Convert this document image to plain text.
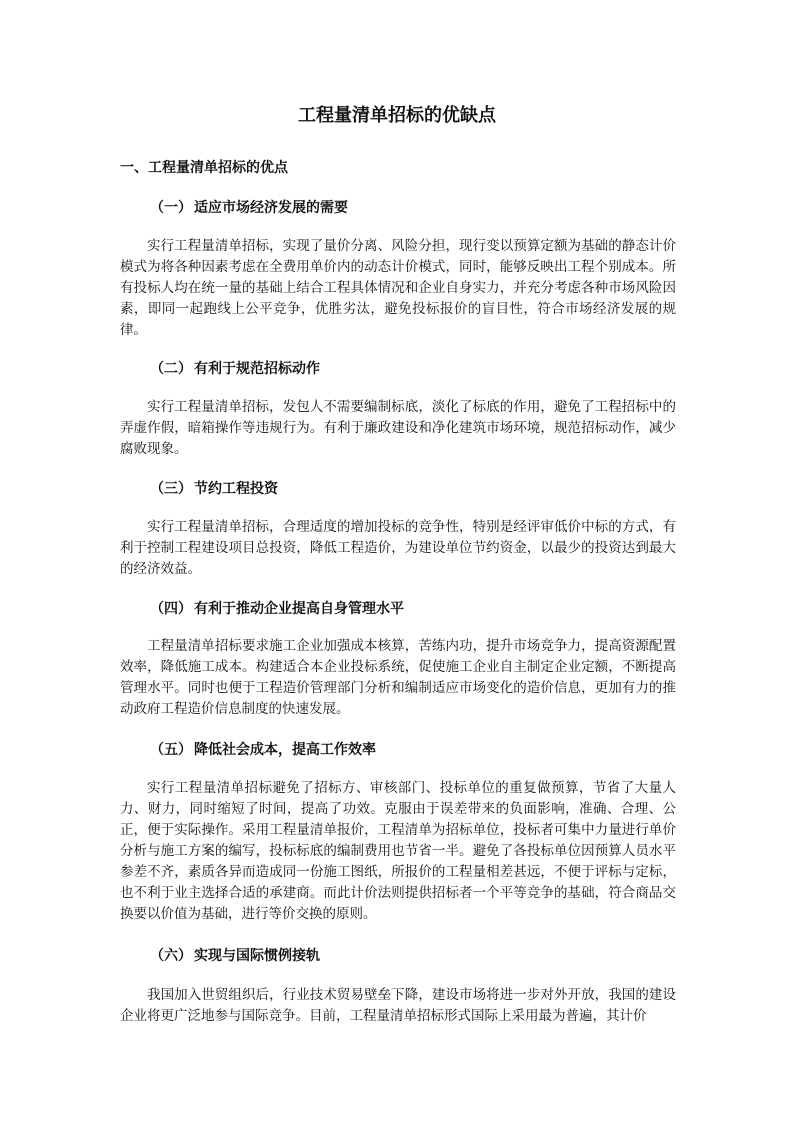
工程量清单招标的优缺点
一、工程量清单招标的优点
（一） 适应市场经济发展的需要

实行工程量清单招标，实现了量价分离、风险分担，现行变以预算定额为基础的静态计价模式为将各种因素考虑在全费用单价内的动态计价模式，同时，能够反映出工程个别成本。所有投标人均在统一量的基础上结合工程具体情况和企业自身实力，并充分考虑各种市场风险因素，即同一起跑线上公平竞争，优胜劣汰，避免投标报价的盲目性，符合市场经济发展的规律。

（二） 有利于规范招标动作

实行工程量清单招标，发包人不需要编制标底，淡化了标底的作用，避免了工程招标中的弄虚作假，暗箱操作等违规行为。有利于廉政建设和净化建筑市场环境，规范招标动作，减少腐败现象。

（三） 节约工程投资

实行工程量清单招标，合理适度的增加投标的竞争性，特别是经评审低价中标的方式，有利于控制工程建设项目总投资，降低工程造价，为建设单位节约资金，以最少的投资达到最大的经济效益。

（四） 有利于推动企业提高自身管理水平

工程量清单招标要求施工企业加强成本核算，苦练内功，提升市场竞争力，提高资源配置效率，降低施工成本。构建适合本企业投标系统，促使施工企业自主制定企业定额，不断提高管理水平。同时也便于工程造价管理部门分析和编制适应市场变化的造价信息，更加有力的推动政府工程造价信息制度的快速发展。

（五） 降低社会成本，提高工作效率

实行工程量清单招标避免了招标方、审核部门、投标单位的重复做预算，节省了大量人力、财力，同时缩短了时间，提高了功效。克服由于误差带来的负面影响，准确、合理、公正，便于实际操作。采用工程量清单报价，工程清单为招标单位，投标者可集中力量进行单价分析与施工方案的编写，投标标底的编制费用也节省一半。避免了各投标单位因预算人员水平参差不齐，素质各异而造成同一份施工图纸，所报价的工程量相差甚远，不便于评标与定标，也不利于业主选择合适的承建商。而此计价法则提供招标者一个平等竞争的基础，符合商品交换要以价值为基础，进行等价交换的原则。

（六） 实现与国际惯例接轨

我国加入世贸组织后，行业技术贸易壁垒下降，建设市场将进一步对外开放，我国的建设企业将更广泛地参与国际竞争。目前，工程量清单招标形式国际上采用最为普遍，其计价
